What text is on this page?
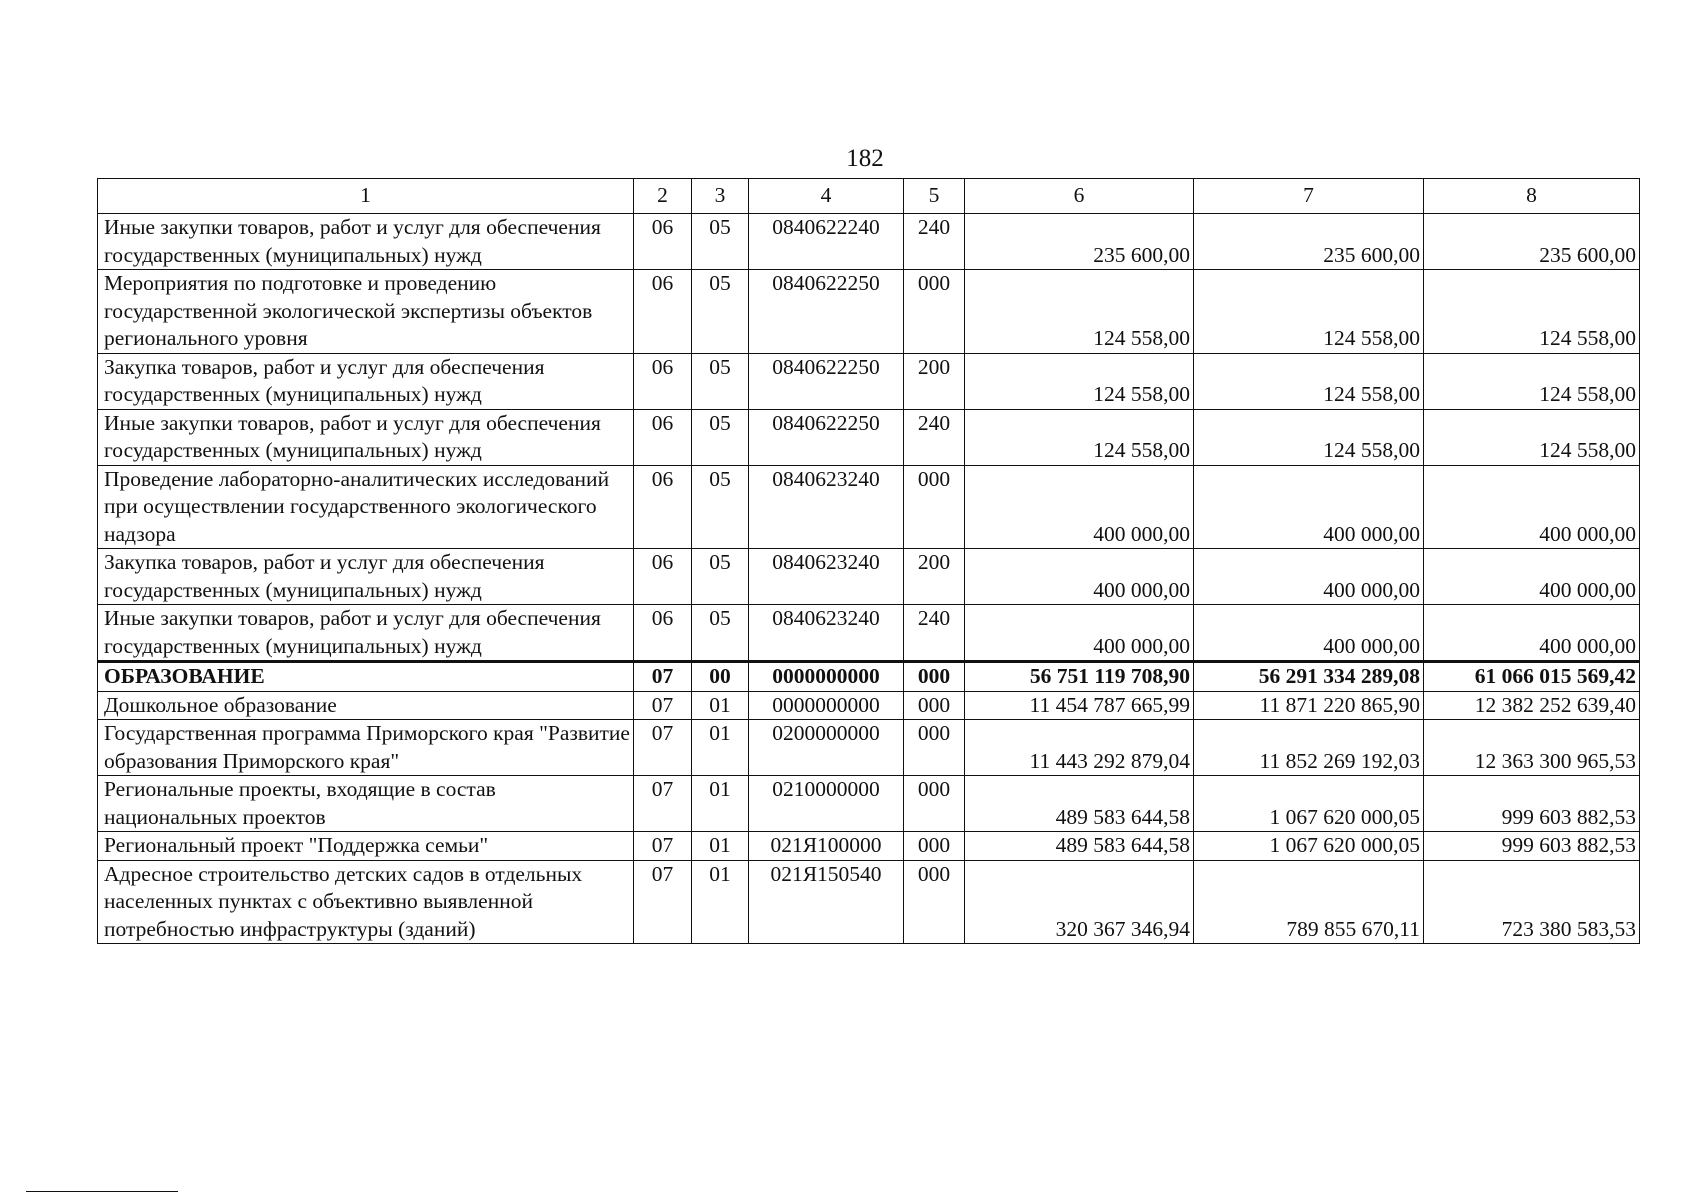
182
1	2	3	4	5	6	7	8
Иные закупки товаров, работ и услуг для обеспечения государственных (муниципальных) нужд	06	05	0840622240	240	235 600,00	235 600,00	235 600,00
Мероприятия по подготовке и проведению государственной экологической экспертизы объектов регионального уровня	06	05	0840622250	000	124 558,00	124 558,00	124 558,00
Закупка товаров, работ и услуг для обеспечения государственных (муниципальных) нужд	06	05	0840622250	200	124 558,00	124 558,00	124 558,00
Иные закупки товаров, работ и услуг для обеспечения государственных (муниципальных) нужд	06	05	0840622250	240	124 558,00	124 558,00	124 558,00
Проведение лабораторно-аналитических исследований при осуществлении государственного экологического надзора	06	05	0840623240	000	400 000,00	400 000,00	400 000,00
Закупка товаров, работ и услуг для обеспечения государственных (муниципальных) нужд	06	05	0840623240	200	400 000,00	400 000,00	400 000,00
Иные закупки товаров, работ и услуг для обеспечения государственных (муниципальных) нужд	06	05	0840623240	240	400 000,00	400 000,00	400 000,00
ОБРАЗОВАНИЕ	07	00	0000000000	000	56 751 119 708,90	56 291 334 289,08	61 066 015 569,42
Дошкольное образование	07	01	0000000000	000	11 454 787 665,99	11 871 220 865,90	12 382 252 639,40
Государственная программа Приморского края "Развитие образования Приморского края"	07	01	0200000000	000	11 443 292 879,04	11 852 269 192,03	12 363 300 965,53
Региональные проекты, входящие в состав национальных проектов	07	01	0210000000	000	489 583 644,58	1 067 620 000,05	999 603 882,53
Региональный проект "Поддержка семьи"	07	01	021Я100000	000	489 583 644,58	1 067 620 000,05	999 603 882,53
Адресное строительство детских садов в отдельных населенных пунктах с объективно выявленной потребностью инфраструктуры (зданий)	07	01	021Я150540	000	320 367 346,94	789 855 670,11	723 380 583,53
